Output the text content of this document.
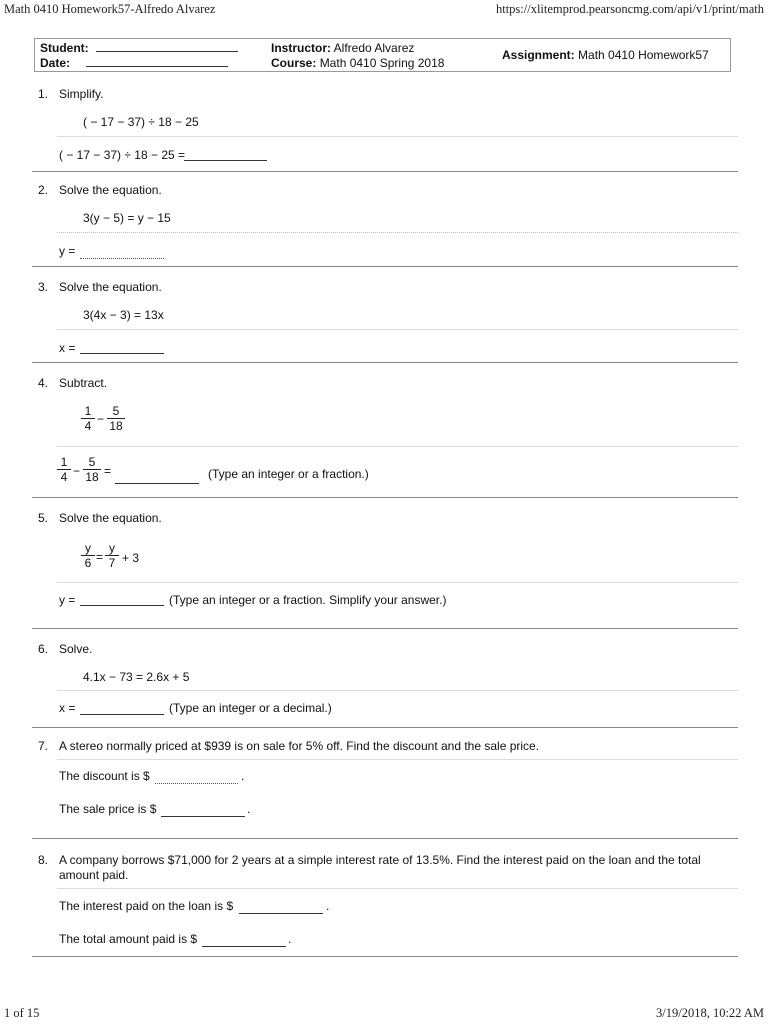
Math 0410 Homework57-Alfredo Alvarez	https://xlitemprod.pearsoncmg.com/api/v1/print/math
1 of 15	3/19/2018, 10:22 AM
Student:
Date:
Instructor: Alfredo Alvarez
Course: Math 0410 Spring 2018
Assignment: Math 0410 Homework57
1. Simplify.
( − 17 − 37) ÷ 18 − 25
( − 17 − 37) ÷ 18 − 25 =
2. Solve the equation.
3(y − 5) = y − 15
y =
3. Solve the equation.
3(4x − 3) = 13x
x =
4. Subtract.
1
4 −
5
18
1
4 −
5
18 =	(Type an integer or a fraction.)
5. Solve the equation.
y
6 =
y
7 + 3
y =	(Type an integer or a fraction. Simplify your answer.)
6. Solve.
4.1x − 73 = 2.6x + 5
x =	(Type an integer or a decimal.)
7. A stereo normally priced at $939 is on sale for 5% off. Find the discount and the sale price.
The discount is $	.
The sale price is $	.
8. A company borrows $71,000 for 2 years at a simple interest rate of 13.5%. Find the interest paid on the loan and the total
amount paid.
The interest paid on the loan is $	.
The total amount paid is $	.
